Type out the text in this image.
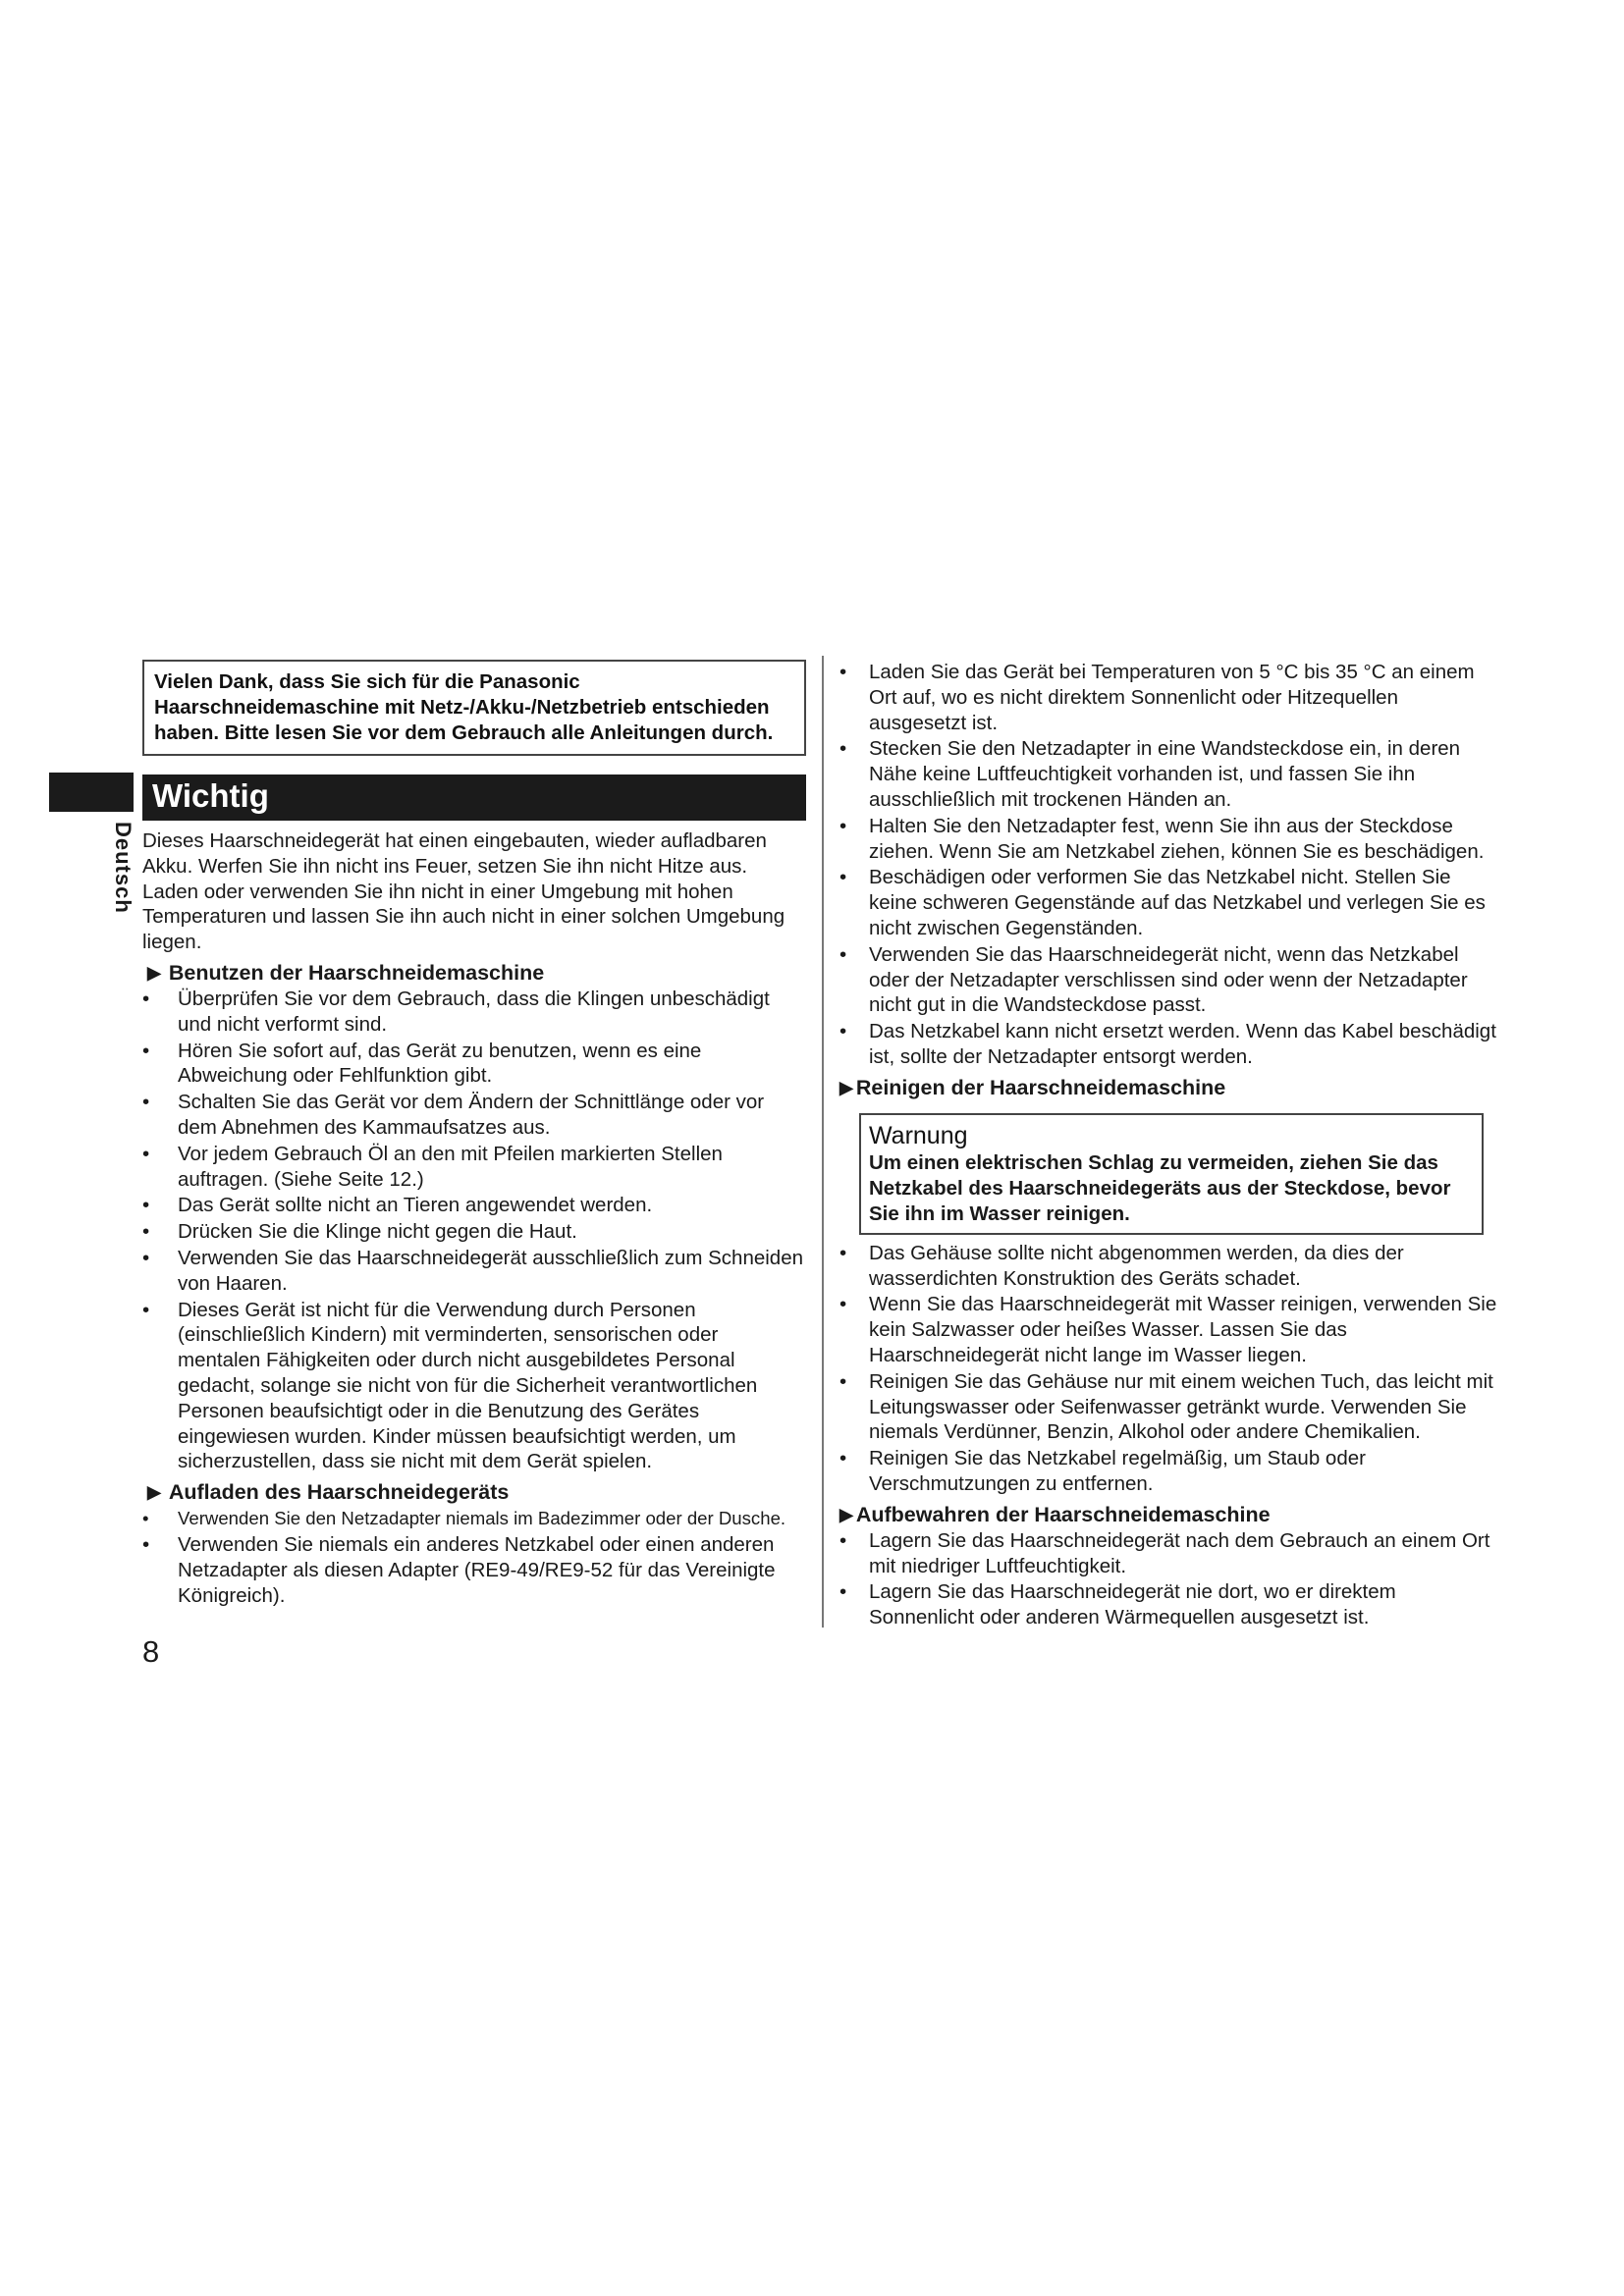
Deutsch
Vielen Dank, dass Sie sich für die Panasonic Haarschneidemaschine mit Netz-/Akku-/Netzbetrieb entschieden haben. Bitte lesen Sie vor dem Gebrauch alle Anleitungen durch.
Wichtig
Dieses Haarschneidegerät hat einen eingebauten, wieder aufladbaren Akku. Werfen Sie ihn nicht ins Feuer, setzen Sie ihn nicht Hitze aus. Laden oder verwenden Sie ihn nicht in einer Umgebung mit hohen Temperaturen und lassen Sie ihn auch nicht in einer solchen Umgebung liegen.
▶ Benutzen der Haarschneidemaschine
• Überprüfen Sie vor dem Gebrauch, dass die Klingen unbeschädigt und nicht verformt sind.
• Hören Sie sofort auf, das Gerät zu benutzen, wenn es eine Abweichung oder Fehlfunktion gibt.
• Schalten Sie das Gerät vor dem Ändern der Schnittlänge oder vor dem Abnehmen des Kammaufsatzes aus.
• Vor jedem Gebrauch Öl an den mit Pfeilen markierten Stellen auftragen. (Siehe Seite 12.)
• Das Gerät sollte nicht an Tieren angewendet werden.
• Drücken Sie die Klinge nicht gegen die Haut.
• Verwenden Sie das Haarschneidegerät ausschließlich zum Schneiden von Haaren.
• Dieses Gerät ist nicht für die Verwendung durch Personen (einschließlich Kindern) mit verminderten, sensorischen oder mentalen Fähigkeiten oder durch nicht ausgebildetes Personal gedacht, solange sie nicht von für die Sicherheit verantwortlichen Personen beaufsichtigt oder in die Benutzung des Gerätes eingewiesen wurden. Kinder müssen beaufsichtigt werden, um sicherzustellen, dass sie nicht mit dem Gerät spielen.
▶ Aufladen des Haarschneidegeräts
• Verwenden Sie den Netzadapter niemals im Badezimmer oder der Dusche.
• Verwenden Sie niemals ein anderes Netzkabel oder einen anderen Netzadapter als diesen Adapter (RE9-49/RE9-52 für das Vereinigte Königreich).
• Laden Sie das Gerät bei Temperaturen von 5 °C bis 35 °C an einem Ort auf, wo es nicht direktem Sonnenlicht oder Hitzequellen ausgesetzt ist.
• Stecken Sie den Netzadapter in eine Wandsteckdose ein, in deren Nähe keine Luftfeuchtigkeit vorhanden ist, und fassen Sie ihn ausschließlich mit trockenen Händen an.
• Halten Sie den Netzadapter fest, wenn Sie ihn aus der Steckdose ziehen. Wenn Sie am Netzkabel ziehen, können Sie es beschädigen.
• Beschädigen oder verformen Sie das Netzkabel nicht. Stellen Sie keine schweren Gegenstände auf das Netzkabel und verlegen Sie es nicht zwischen Gegenständen.
• Verwenden Sie das Haarschneidegerät nicht, wenn das Netzkabel oder der Netzadapter verschlissen sind oder wenn der Netzadapter nicht gut in die Wandsteckdose passt.
• Das Netzkabel kann nicht ersetzt werden. Wenn das Kabel beschädigt ist, sollte der Netzadapter entsorgt werden.
▶ Reinigen der Haarschneidemaschine
Warnung
Um einen elektrischen Schlag zu vermeiden, ziehen Sie das Netzkabel des Haarschneidegeräts aus der Steckdose, bevor Sie ihn im Wasser reinigen.
• Das Gehäuse sollte nicht abgenommen werden, da dies der wasserdichten Konstruktion des Geräts schadet.
• Wenn Sie das Haarschneidegerät mit Wasser reinigen, verwenden Sie kein Salzwasser oder heißes Wasser. Lassen Sie das Haarschneidegerät nicht lange im Wasser liegen.
• Reinigen Sie das Gehäuse nur mit einem weichen Tuch, das leicht mit Leitungswasser oder Seifenwasser getränkt wurde. Verwenden Sie niemals Verdünner, Benzin, Alkohol oder andere Chemikalien.
• Reinigen Sie das Netzkabel regelmäßig, um Staub oder Verschmutzungen zu entfernen.
▶ Aufbewahren der Haarschneidemaschine
• Lagern Sie das Haarschneidegerät nach dem Gebrauch an einem Ort mit niedriger Luftfeuchtigkeit.
• Lagern Sie das Haarschneidegerät nie dort, wo er direktem Sonnenlicht oder anderen Wärmequellen ausgesetzt ist.
8
